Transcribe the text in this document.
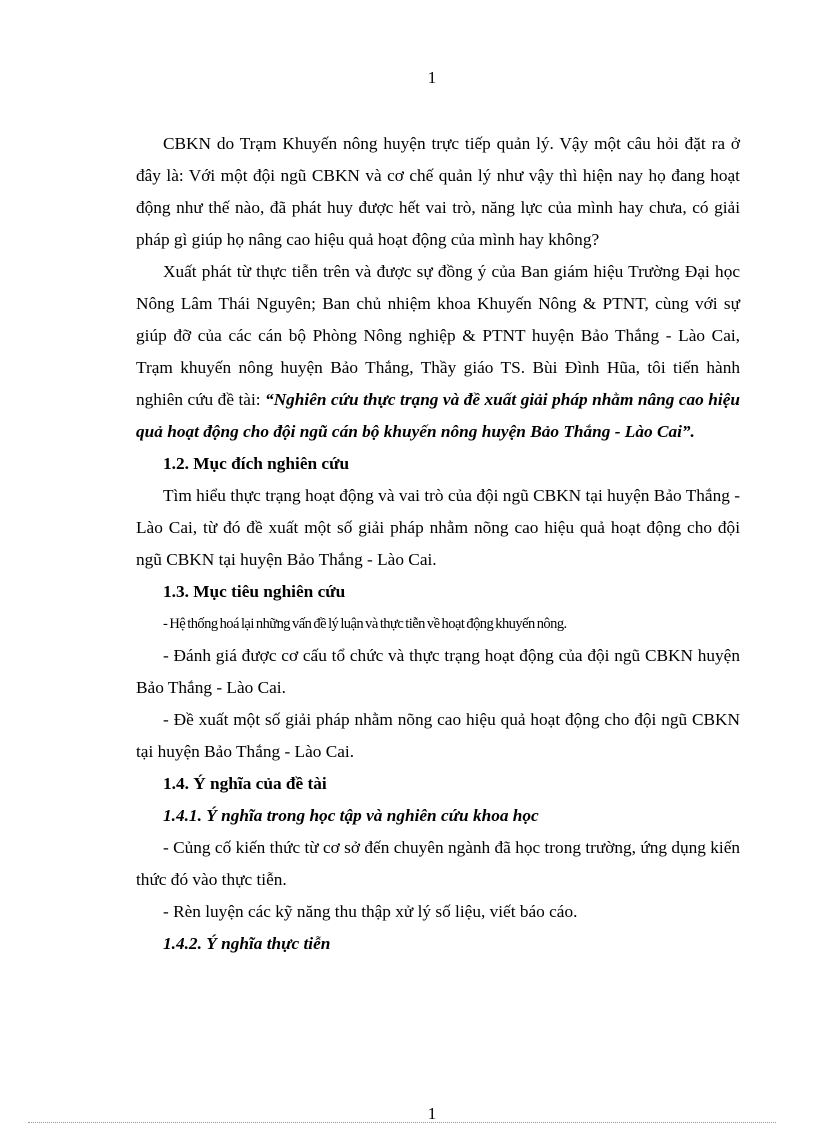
1

CBKN do Trạm Khuyến nông huyện trực tiếp quản lý. Vậy một câu hỏi đặt ra ở đây là: Với một đội ngũ CBKN và cơ chế quản lý như vậy thì hiện nay họ đang hoạt động như thế nào, đã phát huy được hết vai trò, năng lực của mình hay chưa, có giải pháp gì giúp họ nâng cao hiệu quả hoạt động của mình hay không?

Xuất phát từ thực tiễn trên và được sự đồng ý của Ban giám hiệu Trường Đại học Nông Lâm Thái Nguyên; Ban chủ nhiệm khoa Khuyến Nông & PTNT, cùng với sự giúp đỡ của các cán bộ Phòng Nông nghiệp & PTNT huyện Bảo Thắng - Lào Cai, Trạm khuyến nông huyện Bảo Thắng, Thầy giáo TS. Bùi Đình Hũa, tôi tiến hành nghiên cứu đề tài: “Nghiên cứu thực trạng và đề xuất giải pháp nhằm nâng cao hiệu quả hoạt động cho đội ngũ cán bộ khuyến nông huyện Bảo Thắng - Lào Cai”.

1.2. Mục đích nghiên cứu

Tìm hiểu thực trạng hoạt động và vai trò của đội ngũ CBKN tại huyện Bảo Thắng - Lào Cai, từ đó đề xuất một số giải pháp nhằm nõng cao hiệu quả hoạt động cho đội ngũ CBKN tại huyện Bảo Thắng - Lào Cai.

1.3. Mục tiêu nghiên cứu

- Hệ thống hoá lại những vấn đề lý luận và thực tiễn về hoạt động khuyến nông.

- Đánh giá được cơ cấu tổ chức và thực trạng hoạt động của đội ngũ CBKN huyện Bảo Thắng - Lào Cai.

- Đề xuất một số giải pháp nhằm nõng cao hiệu quả hoạt động cho đội ngũ CBKN tại huyện Bảo Thắng - Lào Cai.

1.4. Ý nghĩa của đề tài

1.4.1. Ý nghĩa trong học tập và nghiên cứu khoa học

- Củng cố kiến thức từ cơ sở đến chuyên ngành đã học trong trường, ứng dụng kiến thức đó vào thực tiễn.

- Rèn luyện các kỹ năng thu thập xử lý số liệu, viết báo cáo.

1.4.2. Ý nghĩa thực tiễn

1
